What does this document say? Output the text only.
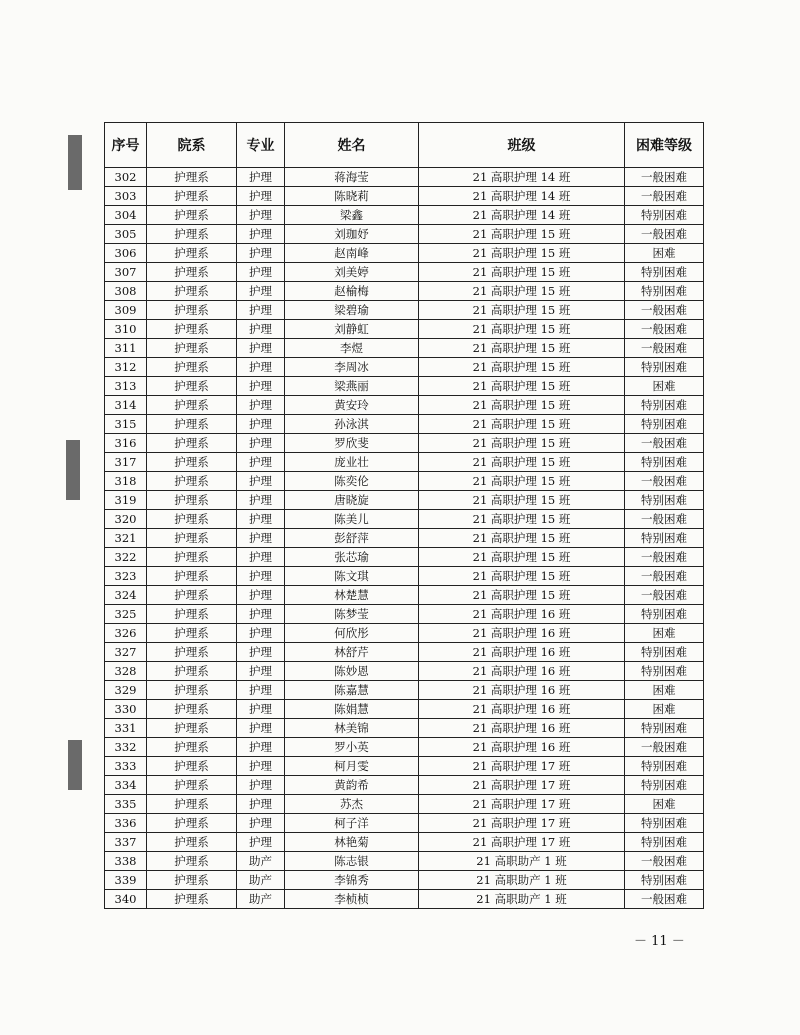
序号	院系	专业	姓名	班级	困难等级
302	护理系	护理	蒋海莹	21 高职护理 14 班	一般困难
303	护理系	护理	陈晓莉	21 高职护理 14 班	一般困难
304	护理系	护理	梁鑫	21 高职护理 14 班	特别困难
305	护理系	护理	刘珈妤	21 高职护理 15 班	一般困难
306	护理系	护理	赵南峰	21 高职护理 15 班	困难
307	护理系	护理	刘美婷	21 高职护理 15 班	特别困难
308	护理系	护理	赵榆梅	21 高职护理 15 班	特别困难
309	护理系	护理	梁碧瑜	21 高职护理 15 班	一般困难
310	护理系	护理	刘静虹	21 高职护理 15 班	一般困难
311	护理系	护理	李煜	21 高职护理 15 班	一般困难
312	护理系	护理	李周冰	21 高职护理 15 班	特别困难
313	护理系	护理	梁燕丽	21 高职护理 15 班	困难
314	护理系	护理	黄安玲	21 高职护理 15 班	特别困难
315	护理系	护理	孙泳淇	21 高职护理 15 班	特别困难
316	护理系	护理	罗欣斐	21 高职护理 15 班	一般困难
317	护理系	护理	庞业壮	21 高职护理 15 班	特别困难
318	护理系	护理	陈奕伦	21 高职护理 15 班	一般困难
319	护理系	护理	唐晓旋	21 高职护理 15 班	特别困难
320	护理系	护理	陈美儿	21 高职护理 15 班	一般困难
321	护理系	护理	彭舒萍	21 高职护理 15 班	特别困难
322	护理系	护理	张芯瑜	21 高职护理 15 班	一般困难
323	护理系	护理	陈文琪	21 高职护理 15 班	一般困难
324	护理系	护理	林楚慧	21 高职护理 15 班	一般困难
325	护理系	护理	陈梦莹	21 高职护理 16 班	特别困难
326	护理系	护理	何欣彤	21 高职护理 16 班	困难
327	护理系	护理	林舒芹	21 高职护理 16 班	特别困难
328	护理系	护理	陈妙恩	21 高职护理 16 班	特别困难
329	护理系	护理	陈嘉慧	21 高职护理 16 班	困难
330	护理系	护理	陈娟慧	21 高职护理 16 班	困难
331	护理系	护理	林美锦	21 高职护理 16 班	特别困难
332	护理系	护理	罗小英	21 高职护理 16 班	一般困难
333	护理系	护理	柯月雯	21 高职护理 17 班	特别困难
334	护理系	护理	黄韵希	21 高职护理 17 班	特别困难
335	护理系	护理	苏杰	21 高职护理 17 班	困难
336	护理系	护理	柯子洋	21 高职护理 17 班	特别困难
337	护理系	护理	林艳菊	21 高职护理 17 班	特别困难
338	护理系	助产	陈志银	21 高职助产 1 班	一般困难
339	护理系	助产	李锦秀	21 高职助产 1 班	特别困难
340	护理系	助产	李桢桢	21 高职助产 1 班	一般困难
－ 11 －
